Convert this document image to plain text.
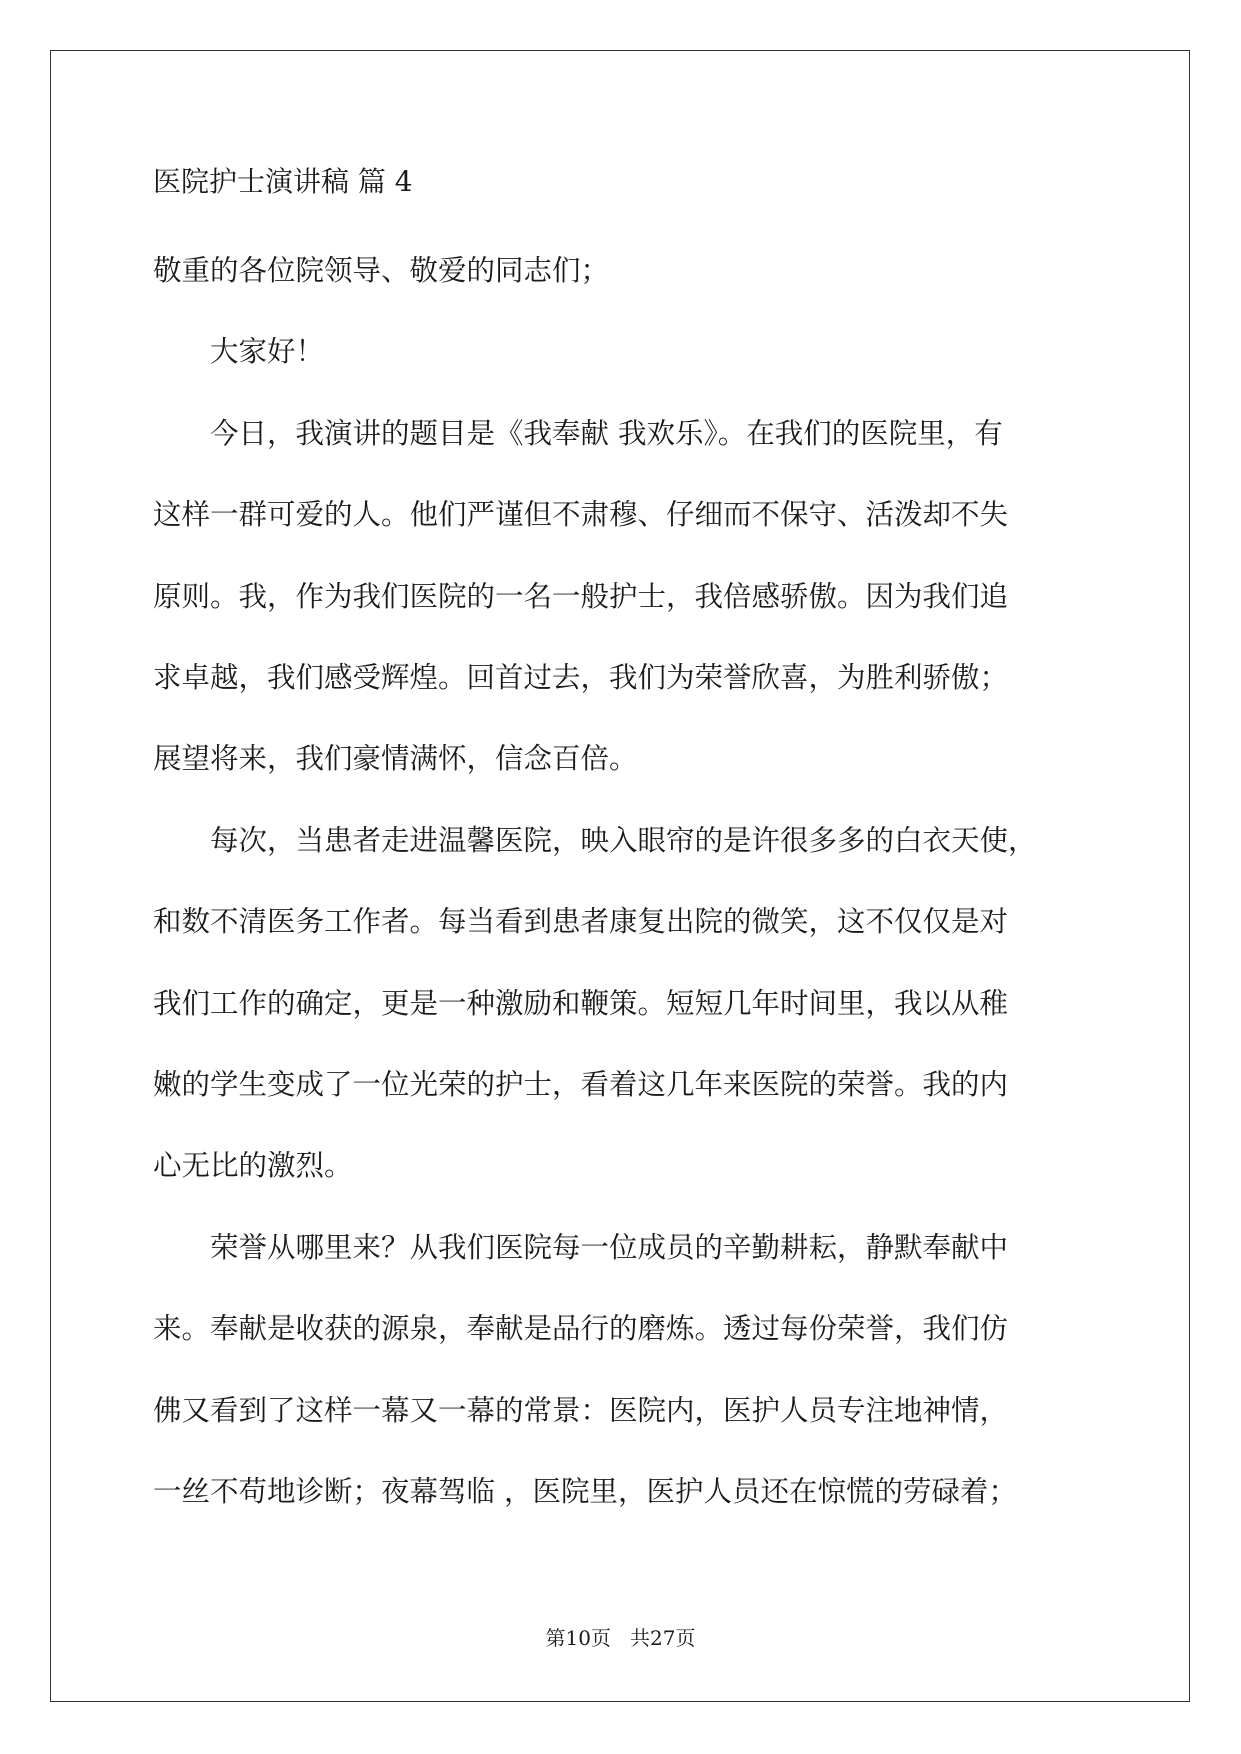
医院护士演讲稿 篇 4

敬重的各位院领导、敬爱的同志们；

大家好！

今日，我演讲的题目是《我奉献 我欢乐》。在我们的医院里，有
这样一群可爱的人。他们严谨但不肃穆、仔细而不保守、活泼却不失
原则。我，作为我们医院的一名一般护士，我倍感骄傲。因为我们追
求卓越，我们感受辉煌。回首过去，我们为荣誉欣喜，为胜利骄傲；
展望将来，我们豪情满怀，信念百倍。

每次，当患者走进温馨医院，映入眼帘的是许很多多的白衣天使，
和数不清医务工作者。每当看到患者康复出院的微笑，这不仅仅是对
我们工作的确定，更是一种激励和鞭策。短短几年时间里，我以从稚
嫩的学生变成了一位光荣的护士，看着这几年来医院的荣誉。我的内
心无比的激烈。

荣誉从哪里来？从我们医院每一位成员的辛勤耕耘，静默奉献中
来。奉献是收获的源泉，奉献是品行的磨炼。透过每份荣誉，我们仿
佛又看到了这样一幕又一幕的常景：医院内，医护人员专注地神情，
一丝不苟地诊断；夜幕驾临 ，医院里，医护人员还在惊慌的劳碌着；

第10页   共27页
